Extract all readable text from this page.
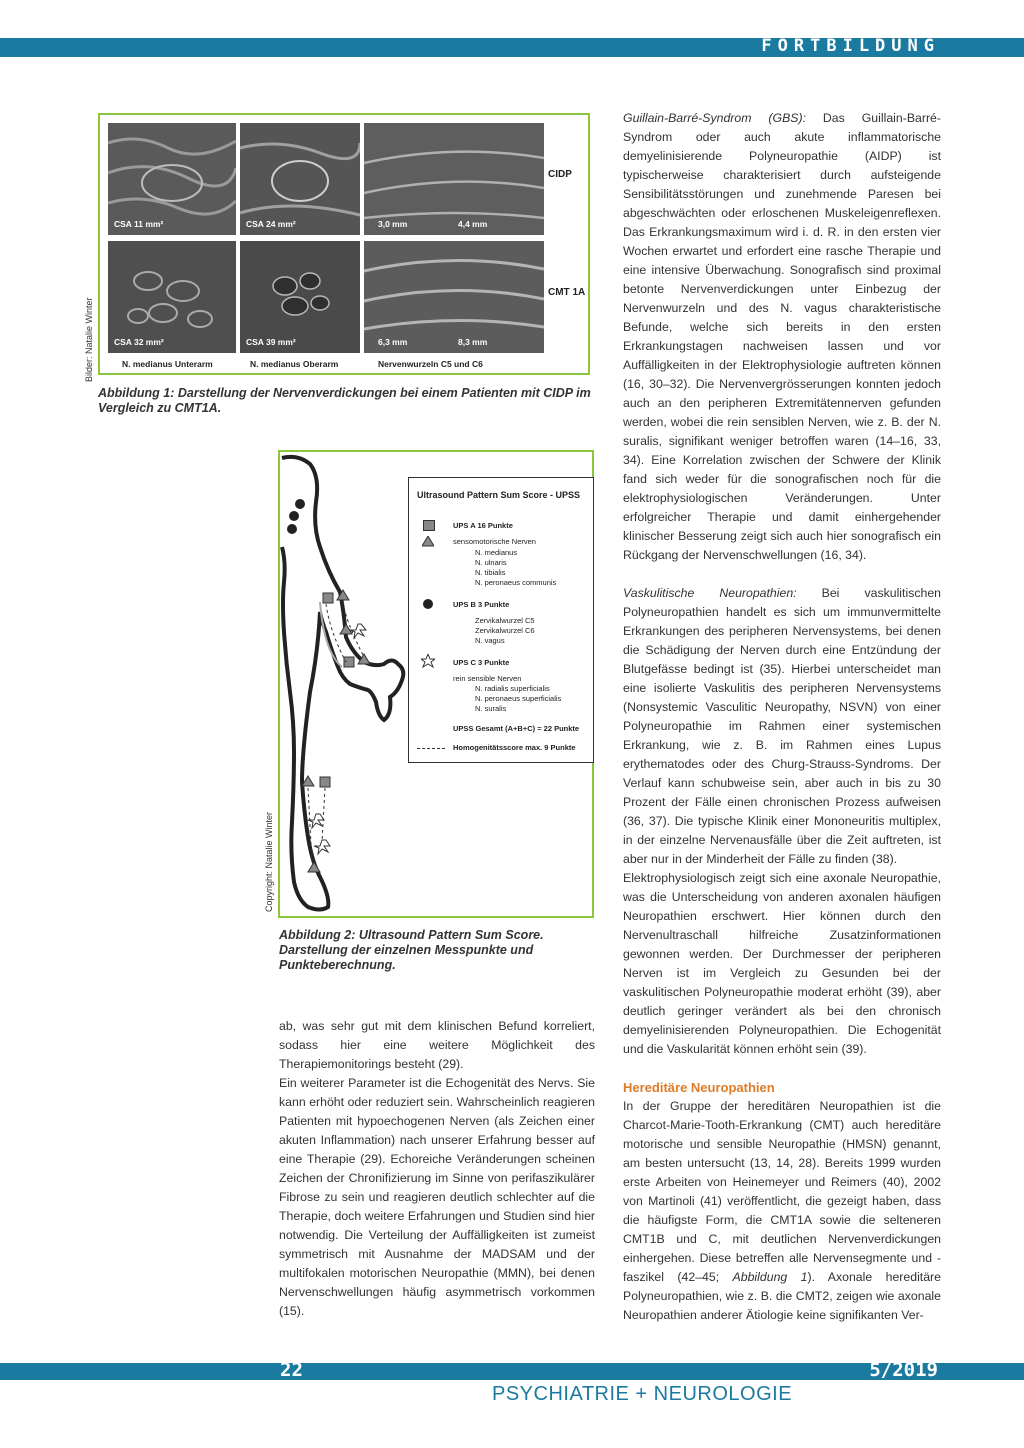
FORTBILDUNG
22	5/2019
PSYCHIATRIE + NEUROLOGIE
Bilder: Natalie Winter
CSA 11 mm²	CSA 24 mm²	3,0 mm	4,4 mm
CIDP
CSA 32 mm²	CSA 39 mm²	6,3 mm	8,3 mm
CMT 1A
N. medianus Unterarm	N. medianus Oberarm	Nervenwurzeln C5 und C6
Abbildung 1: Darstellung der Nervenverdickungen bei einem Patienten mit CIDP im Vergleich zu CMT1A.
Copyright: Natalie Winter
Ultrasound Pattern Sum Score - UPSS
UPS A 16 Punkte
sensomotorische Nerven
N. medianus
N. ulnaris
N. tibialis
N. peronaeus communis
UPS B 3 Punkte
Zervikalwurzel C5
Zervikalwurzel C6
N. vagus
UPS C 3 Punkte
rein sensible Nerven
N. radialis superficialis
N. peronaeus superficialis
N. suralis
UPSS Gesamt (A+B+C) = 22 Punkte
Homogenitätsscore max. 9 Punkte
Abbildung 2: Ultrasound Pattern Sum Score. Darstellung der einzelnen Messpunkte und Punkteberechnung.

ab, was sehr gut mit dem klinischen Befund korreliert, sodass hier eine weitere Möglichkeit des Therapiemonitorings besteht (29).

Ein weiterer Parameter ist die Echogenität des Nervs. Sie kann erhöht oder reduziert sein. Wahrscheinlich reagieren Patienten mit hypoechogenen Nerven (als Zeichen einer akuten Inflammation) nach unserer Erfahrung besser auf eine Therapie (29). Echoreiche Veränderungen scheinen Zeichen der Chronifizierung im Sinne von perifaszikulärer Fibrose zu sein und reagieren deutlich schlechter auf die Therapie, doch weitere Erfahrungen und Studien sind hier notwendig. Die Verteilung der Auffälligkeiten ist zumeist symmetrisch mit Ausnahme der MADSAM und der multifokalen motorischen Neuropathie (MMN), bei denen Nervenschwellungen häufig asymmetrisch vorkommen (15).

Guillain-Barré-Syndrom (GBS): Das Guillain-Barré-Syndrom oder auch akute inflammatorische demyelinisierende Polyneuropathie (AIDP) ist typischerweise charakterisiert durch aufsteigende Sensibilitätsstörungen und zunehmende Paresen bei abgeschwächten oder erloschenen Muskeleigenreflexen. Das Erkrankungsmaximum wird i. d. R. in den ersten vier Wochen erwartet und erfordert eine rasche Therapie und eine intensive Überwachung. Sonografisch sind proximal betonte Nervenverdickungen unter Einbezug der Nervenwurzeln und des N. vagus charakteristische Befunde, welche sich bereits in den ersten Erkrankungstagen nachweisen lassen und vor Auffälligkeiten in der Elektrophysiologie auftreten können (16, 30–32). Die Nervenvergrösserungen konnten jedoch auch an den peripheren Extremitätennerven gefunden werden, wobei die rein sensiblen Nerven, wie z. B. der N. suralis, signifikant weniger betroffen waren (14–16, 33, 34). Eine Korrelation zwischen der Schwere der Klinik fand sich weder für die sonografischen noch für die elektrophysiologischen Veränderungen. Unter erfolgreicher Therapie und damit einhergehender klinischer Besserung zeigt sich auch hier sonografisch ein Rückgang der Nervenschwellungen (16, 34).

Vaskulitische Neuropathien: Bei vaskulitischen Polyneuropathien handelt es sich um immunvermittelte Erkrankungen des peripheren Nervensystems, bei denen die Schädigung der Nerven durch eine Entzündung der Blutgefässe bedingt ist (35). Hierbei unterscheidet man eine isolierte Vaskulitis des peripheren Nervensystems (Nonsystemic Vasculitic Neuropathy, NSVN) von einer Polyneuropathie im Rahmen einer systemischen Erkrankung, wie z. B. im Rahmen eines Lupus erythematodes oder des Churg-Strauss-Syndroms. Der Verlauf kann schubweise sein, aber auch in bis zu 30 Prozent der Fälle einen chronischen Prozess aufweisen (36, 37). Die typische Klinik einer Mononeuritis multiplex, in der einzelne Nervenausfälle über die Zeit auftreten, ist aber nur in der Minderheit der Fälle zu finden (38).

Elektrophysiologisch zeigt sich eine axonale Neuropathie, was die Unterscheidung von anderen axonalen häufigen Neuropathien erschwert. Hier können durch den Nervenultraschall hilfreiche Zusatzinformationen gewonnen werden. Der Durchmesser der peripheren Nerven ist im Vergleich zu Gesunden bei der vaskulitischen Polyneuropathie moderat erhöht (39), aber deutlich geringer verändert als bei den chronisch demyelinisierenden Polyneuropathien. Die Echogenität und die Vaskularität können erhöht sein (39).

Hereditäre Neuropathien

In der Gruppe der hereditären Neuropathien ist die Charcot-Marie-Tooth-Erkrankung (CMT) auch hereditäre motorische und sensible Neuropathie (HMSN) genannt, am besten untersucht (13, 14, 28). Bereits 1999 wurden erste Arbeiten von Heinemeyer und Reimers (40), 2002 von Martinoli (41) veröffentlicht, die gezeigt haben, dass die häufigste Form, die CMT1A sowie die selteneren CMT1B und C, mit deutlichen Nervenverdickungen einhergehen. Diese betreffen alle Nervensegmente und -faszikel (42–45; Abbildung 1). Axonale hereditäre Polyneuropathien, wie z. B. die CMT2, zeigen wie axonale Neuropathien anderer Ätiologie keine signifikanten Ver-
